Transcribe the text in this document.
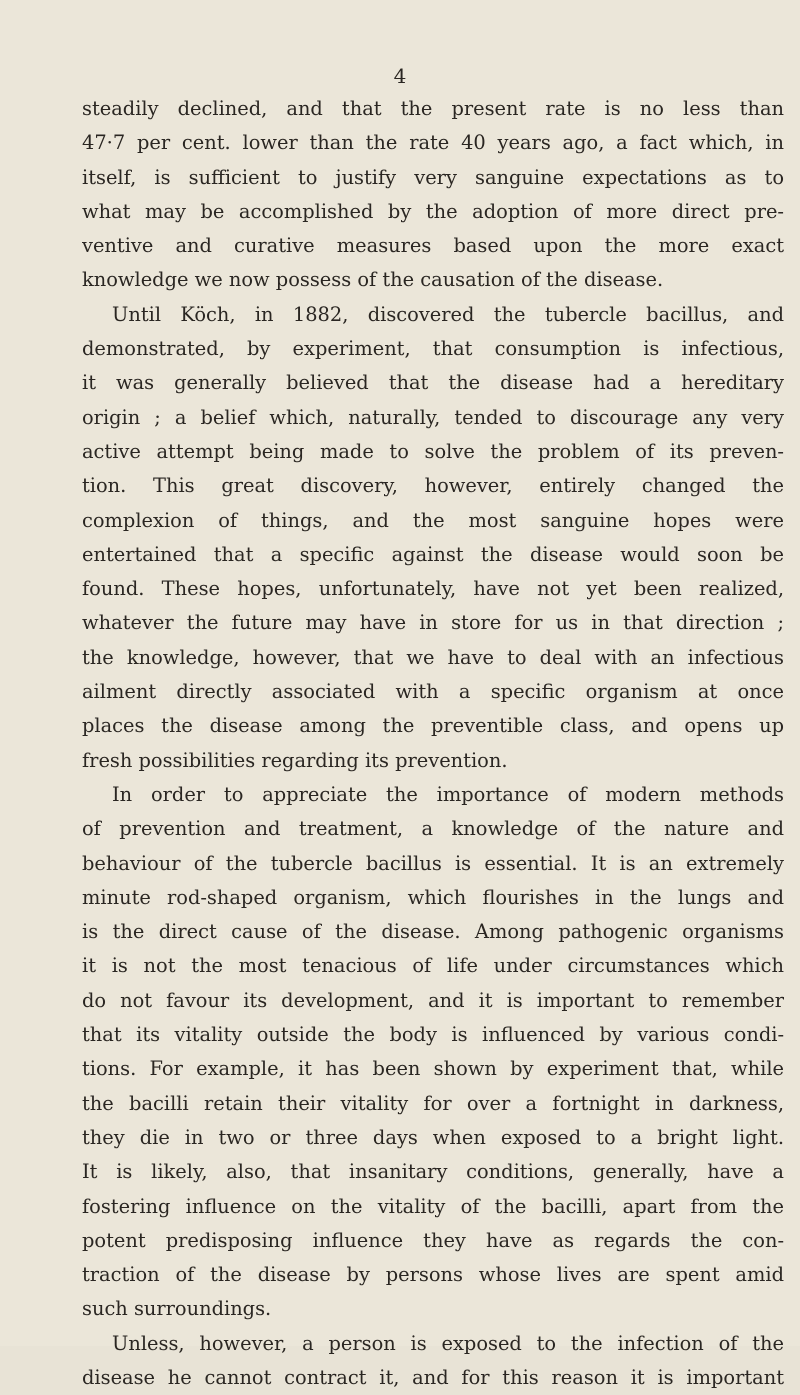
4
steadily declined, and that the present rate is no less than
47·7 per cent. lower than the rate 40 years ago, a fact which, in
itself, is sufficient to justify very sanguine expectations as to
what may be accomplished by the adoption of more direct pre-
ventive and curative measures based upon the more exact
knowledge we now possess of the causation of the disease.
Until Köch, in 1882, discovered the tubercle bacillus, and
demonstrated, by experiment, that consumption is infectious,
it was generally believed that the disease had a hereditary
origin ; a belief which, naturally, tended to discourage any very
active attempt being made to solve the problem of its preven-
tion. This great discovery, however, entirely changed the
complexion of things, and the most sanguine hopes were
entertained that a specific against the disease would soon be
found. These hopes, unfortunately, have not yet been realized,
whatever the future may have in store for us in that direction ;
the knowledge, however, that we have to deal with an infectious
ailment directly associated with a specific organism at once
places the disease among the preventible class, and opens up
fresh possibilities regarding its prevention.
In order to appreciate the importance of modern methods
of prevention and treatment, a knowledge of the nature and
behaviour of the tubercle bacillus is essential. It is an extremely
minute rod-shaped organism, which flourishes in the lungs and
is the direct cause of the disease. Among pathogenic organisms
it is not the most tenacious of life under circumstances which
do not favour its development, and it is important to remember
that its vitality outside the body is influenced by various condi-
tions. For example, it has been shown by experiment that, while
the bacilli retain their vitality for over a fortnight in darkness,
they die in two or three days when exposed to a bright light.
It is likely, also, that insanitary conditions, generally, have a
fostering influence on the vitality of the bacilli, apart from the
potent predisposing influence they have as regards the con-
traction of the disease by persons whose lives are spent amid
such surroundings.
Unless, however, a person is exposed to the infection of the
disease he cannot contract it, and for this reason it is important
